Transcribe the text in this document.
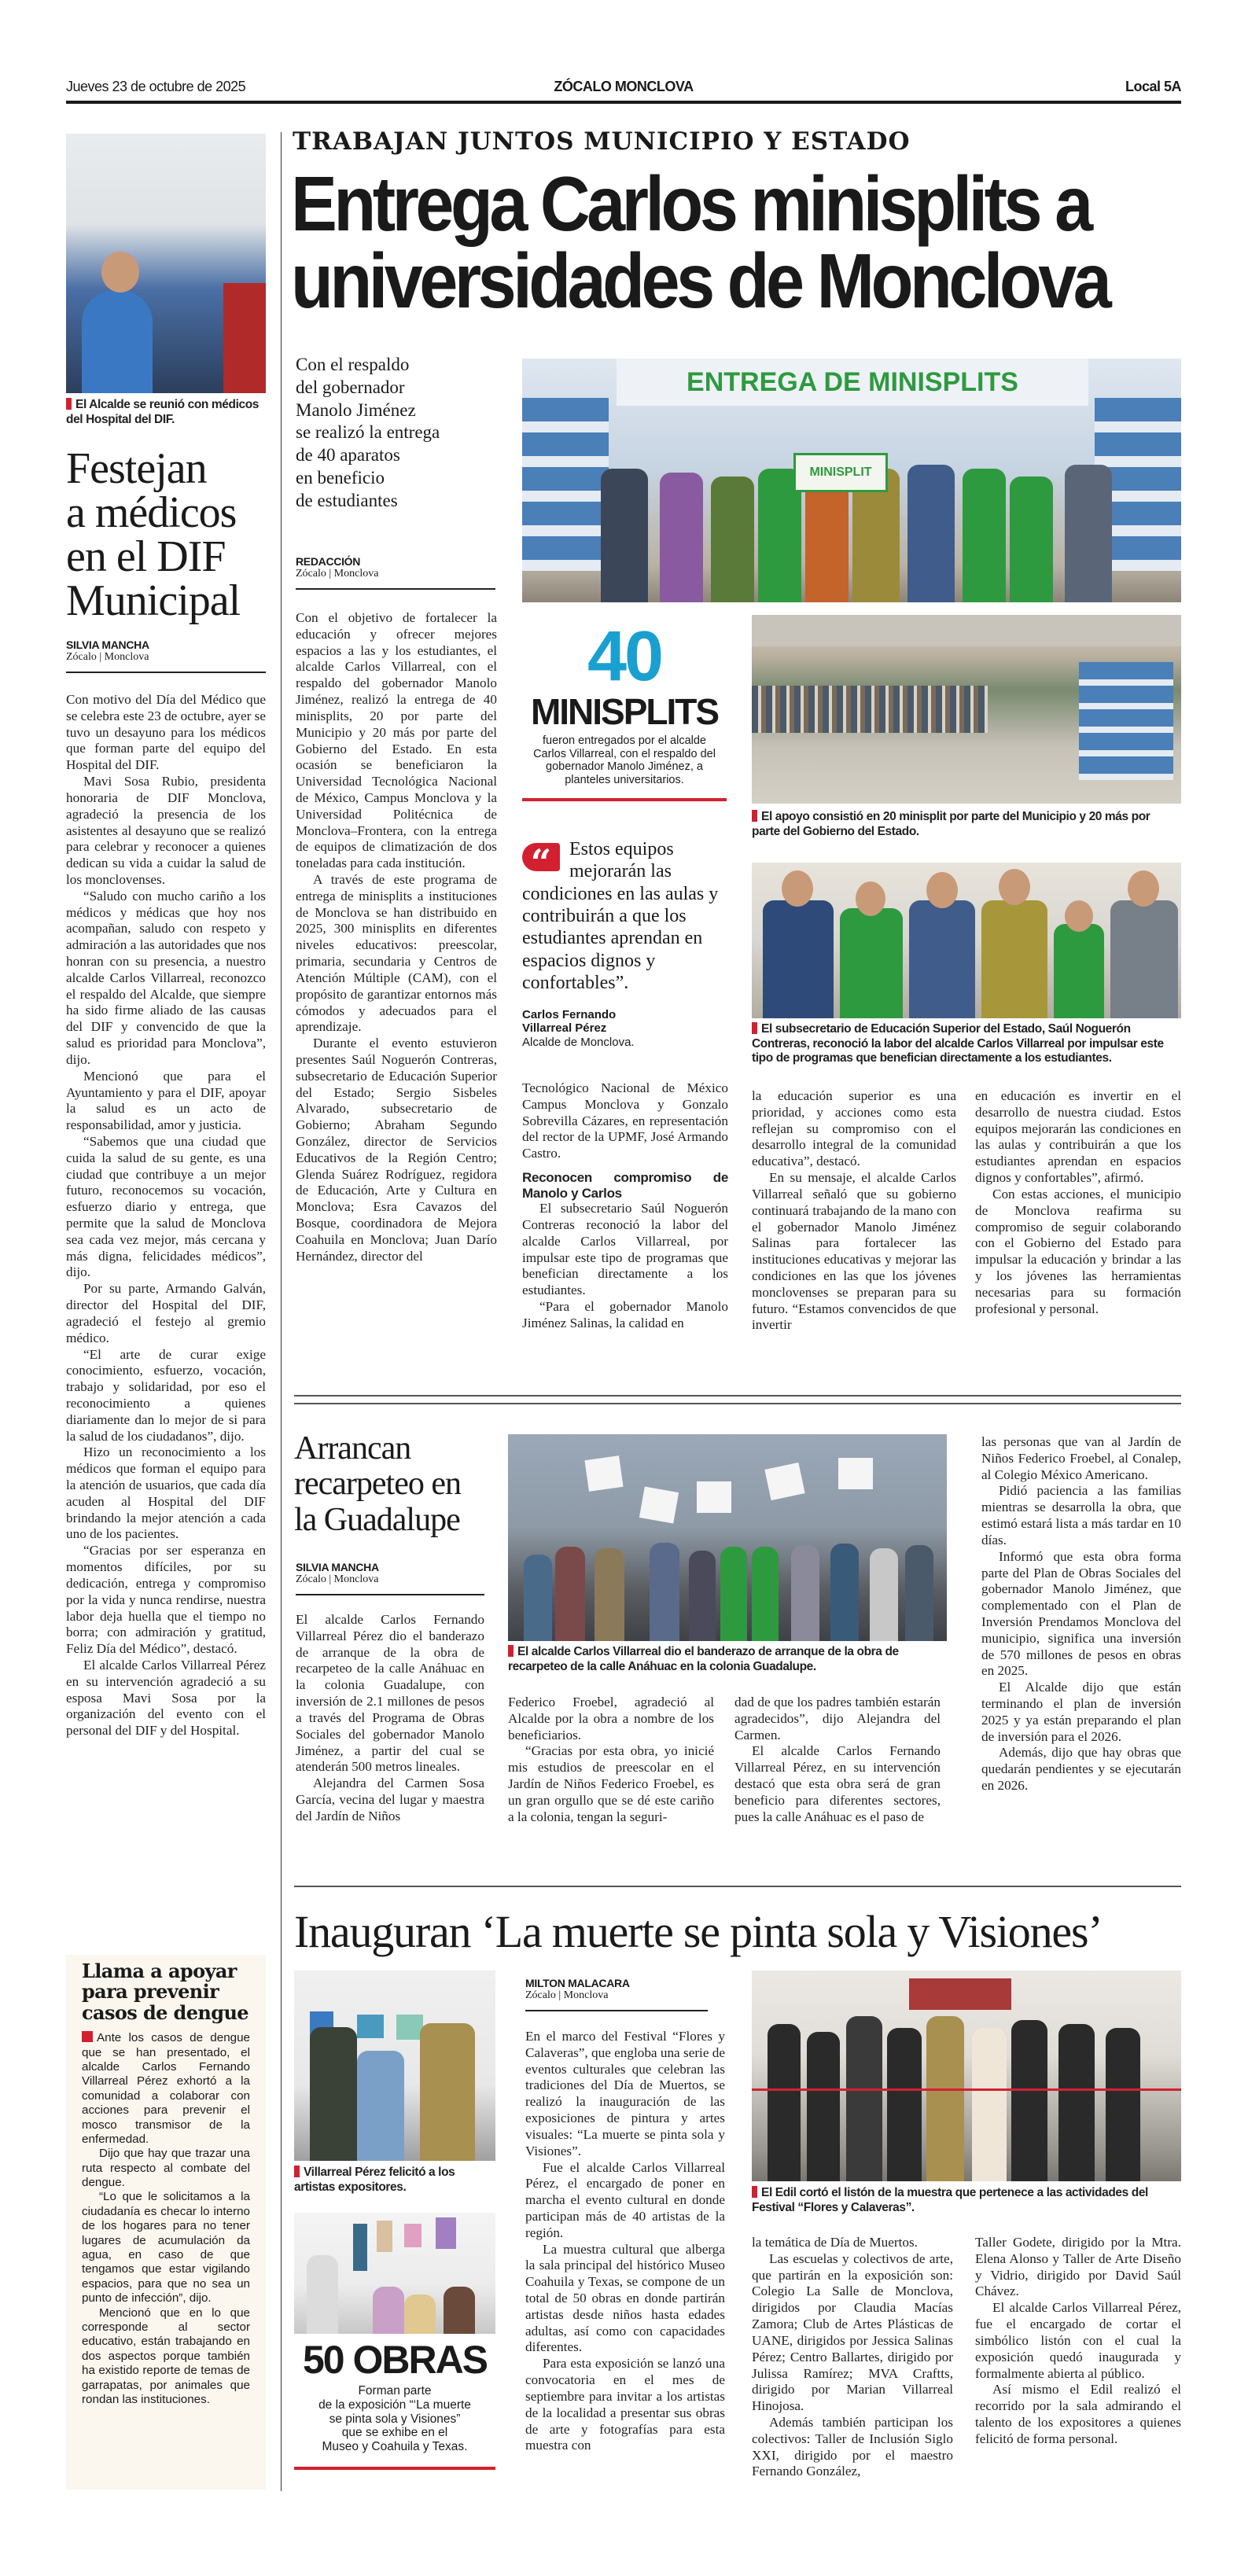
Jueves 23 de octubre de 2025	ZÓCALO MONCLOVA	Local 5A
El Alcalde se reunió con médicos del Hospital del DIF.
Festejan
a médicos
en el DIF
Municipal
SILVIA MANCHA
Zócalo | Monclova

Con motivo del Día del Médico que se celebra este 23 de octubre, ayer se tuvo un desayuno para los médicos que forman parte del equipo del Hospital del DIF.

Mavi Sosa Rubio, presidenta honoraria de DIF Monclova, agradeció la presencia de los asistentes al desayuno que se realizó para celebrar y reconocer a quienes dedican su vida a cuidar la salud de los monclovenses.

“Saludo con mucho cariño a los médicos y médicas que hoy nos acompañan, saludo con respeto y admiración a las autoridades que nos honran con su presencia, a nuestro alcalde Carlos Villarreal, reconozco el respaldo del Alcalde, que siempre ha sido firme aliado de las causas del DIF y convencido de que la salud es prioridad para Monclova”, dijo.

Mencionó que para el Ayuntamiento y para el DIF, apoyar la salud es un acto de responsabilidad, amor y justicia.

“Sabemos que una ciudad que cuida la salud de su gente, es una ciudad que contribuye a un mejor futuro, reconocemos su vocación, esfuerzo diario y entrega, que permite que la salud de Monclova sea cada vez mejor, más cercana y más digna, felicidades médicos”, dijo.

Por su parte, Armando Galván, director del Hospital del DIF, agradeció el festejo al gremio médico.

“El arte de curar exige conocimiento, esfuerzo, vocación, trabajo y solidaridad, por eso el reconocimiento a quienes diariamente dan lo mejor de si para la salud de los ciudadanos”, dijo.

Hizo un reconocimiento a los médicos que forman el equipo para la atención de usuarios, que cada día acuden al Hospital del DIF brindando la mejor atención a cada uno de los pacientes.

“Gracias por ser esperanza en momentos difíciles, por su dedicación, entrega y compromiso por la vida y nunca rendirse, nuestra labor deja huella que el tiempo no borra; con admiración y gratitud, Feliz Día del Médico”, destacó.

El alcalde Carlos Villarreal Pérez en su intervención agradeció a su esposa Mavi Sosa por la organización del evento con el personal del DIF y del Hospital.

Llama a apoyar
para prevenir
casos de dengue

Ante los casos de dengue que se han presentado, el alcalde Carlos Fernando Villarreal Pérez exhortó a la comunidad a colaborar con acciones para prevenir el mosco transmisor de la enfermedad.

Dijo que hay que trazar una ruta respecto al combate del dengue.

“Lo que le solicitamos a la ciudadanía es checar lo interno de los hogares para no tener lugares de acumulación da agua, en caso de que tengamos que estar vigilando espacios, para que no sea un punto de infección”, dijo.

Mencionó que en lo que corresponde al sector educativo, están trabajando en dos aspectos porque también ha existido reporte de temas de garrapatas, por animales que rondan las instituciones.

TRABAJAN JUNTOS MUNICIPIO Y ESTADO
Entrega Carlos minisplits a
universidades de Monclova
Con el respaldo
del gobernador
Manolo Jiménez
se realizó la entrega
de 40 aparatos
en beneficio
de estudiantes
REDACCIÓN
Zócalo | Monclova

Con el objetivo de fortalecer la educación y ofrecer mejores espacios a las y los estudiantes, el alcalde Carlos Villarreal, con el respaldo del gobernador Manolo Jiménez, realizó la entrega de 40 minisplits, 20 por parte del Municipio y 20 más por parte del Gobierno del Estado. En esta ocasión se beneficiaron la Universidad Tecnológica Nacional de México, Campus Monclova y la Universidad Politécnica de Monclova–Frontera, con la entrega de equipos de climatización de dos toneladas para cada institución.

A través de este programa de entrega de minisplits a instituciones de Monclova se han distribuido en 2025, 300 minisplits en diferentes niveles educativos: preescolar, primaria, secundaria y Centros de Atención Múltiple (CAM), con el propósito de garantizar entornos más cómodos y adecuados para el aprendizaje.

Durante el evento estuvieron presentes Saúl Noguerón Contreras, subsecretario de Educación Superior del Estado; Sergio Sisbeles Alvarado, subsecretario de Gobierno; Abraham Segundo González, director de Servicios Educativos de la Región Centro; Glenda Suárez Rodríguez, regidora de Educación, Arte y Cultura en Monclova; Esra Cavazos del Bosque, coordinadora de Mejora Coahuila en Monclova; Juan Darío Hernández, director del

ENTREGA DE MINISPLITS
MINISPLIT
40
MINISPLITS
fueron entregados por el alcalde Carlos Villarreal, con el respaldo del gobernador Manolo Jiménez, a planteles universitarios.
“ Estos equipos mejorarán las condiciones en las aulas y contribuirán a que los estudiantes aprendan en espacios dignos y confortables”.
Carlos Fernando
Villarreal Pérez
Alcalde de Monclova.

Tecnológico Nacional de México Campus Monclova y Gonzalo Sobrevilla Cázares, en representación del rector de la UPMF, José Armando Castro.

Reconocen compromiso de Manolo y Carlos

El subsecretario Saúl Noguerón Contreras reconoció la labor del alcalde Carlos Villarreal, por impulsar este tipo de programas que benefician directamente a los estudiantes.

“Para el gobernador Manolo Jiménez Salinas, la calidad en

El apoyo consistió en 20 minisplit por parte del Municipio y 20 más por parte del Gobierno del Estado.
El subsecretario de Educación Superior del Estado, Saúl Noguerón Contreras, reconoció la labor del alcalde Carlos Villarreal por impulsar este tipo de programas que benefician directamente a los estudiantes.

la educación superior es una prioridad, y acciones como esta reflejan su compromiso con el desarrollo integral de la comunidad educativa”, destacó.

En su mensaje, el alcalde Carlos Villarreal señaló que su gobierno continuará trabajando de la mano con el gobernador Manolo Jiménez Salinas para fortalecer las instituciones educativas y mejorar las condiciones en las que los jóvenes monclovenses se preparan para su futuro. “Estamos convencidos de que invertir

en educación es invertir en el desarrollo de nuestra ciudad. Estos equipos mejorarán las condiciones en las aulas y contribuirán a que los estudiantes aprendan en espacios dignos y confortables”, afirmó.

Con estas acciones, el municipio de Monclova reafirma su compromiso de seguir colaborando con el Gobierno del Estado para impulsar la educación y brindar a las y los jóvenes las herramientas necesarias para su formación profesional y personal.

Arrancan
recarpeteo en
la Guadalupe
SILVIA MANCHA
Zócalo | Monclova

El alcalde Carlos Fernando Villarreal Pérez dio el banderazo de arranque de la obra de recarpeteo de la calle Anáhuac en la colonia Guadalupe, con inversión de 2.1 millones de pesos a través del Programa de Obras Sociales del gobernador Manolo Jiménez, a partir del cual se atenderán 500 metros lineales.

Alejandra del Carmen Sosa García, vecina del lugar y maestra del Jardín de Niños

El alcalde Carlos Villarreal dio el banderazo de arranque de la obra de recarpeteo de la calle Anáhuac en la colonia Guadalupe.

Federico Froebel, agradeció al Alcalde por la obra a nombre de los beneficiarios.

“Gracias por esta obra, yo inicié mis estudios de preescolar en el Jardín de Niños Federico Froebel, es un gran orgullo que se dé este cariño a la colonia, tengan la seguri-

dad de que los padres también estarán agradecidos”, dijo Alejandra del Carmen.

El alcalde Carlos Fernando Villarreal Pérez, en su intervención destacó que esta obra será de gran beneficio para diferentes sectores, pues la calle Anáhuac es el paso de

las personas que van al Jardín de Niños Federico Froebel, al Conalep, al Colegio México Americano.

Pidió paciencia a las familias mientras se desarrolla la obra, que estimó estará lista a más tardar en 10 días.

Informó que esta obra forma parte del Plan de Obras Sociales del gobernador Manolo Jiménez, que complementado con el Plan de Inversión Prendamos Monclova del municipio, significa una inversión de 570 millones de pesos en obras en 2025.

El Alcalde dijo que están terminando el plan de inversión 2025 y ya están preparando el plan de inversión para el 2026.

Además, dijo que hay obras que quedarán pendientes y se ejecutarán en 2026.

Inauguran ‘La muerte se pinta sola y Visiones’
Villarreal Pérez felicitó a los artistas expositores.
50 OBRAS
Forman parte
de la exposición “‘La muerte
se pinta sola y Visiones”
que se exhibe en el
Museo y Coahuila y Texas.
MILTON MALACARA
Zócalo | Monclova

En el marco del Festival “Flores y Calaveras”, que engloba una serie de eventos culturales que celebran las tradiciones del Día de Muertos, se realizó la inauguración de las exposiciones de pintura y artes visuales: “La muerte se pinta sola y Visiones”.

Fue el alcalde Carlos Villarreal Pérez, el encargado de poner en marcha el evento cultural en donde participan más de 40 artistas de la región.

La muestra cultural que alberga la sala principal del histórico Museo Coahuila y Texas, se compone de un total de 50 obras en donde partirán artistas desde niños hasta edades adultas, así como con capacidades diferentes.

Para esta exposición se lanzó una convocatoria en el mes de septiembre para invitar a los artistas de la localidad a presentar sus obras de arte y fotografías para esta muestra con

El Edil cortó el listón de la muestra que pertenece a las actividades del Festival “Flores y Calaveras”.

la temática de Día de Muertos.

Las escuelas y colectivos de arte, que partirán en la exposición son: Colegio La Salle de Monclova, dirigidos por Claudia Macías Zamora; Club de Artes Plásticas de UANE, dirigidos por Jessica Salinas Pérez; Centro Ballartes, dirigido por Julissa Ramírez; MVA Craftts, dirigido por Marian Villarreal Hinojosa.

Además también participan los colectivos: Taller de Inclusión Siglo XXI, dirigido por el maestro Fernando González,

Taller Godete, dirigido por la Mtra. Elena Alonso y Taller de Arte Diseño y Vidrio, dirigido por David Saúl Chávez.

El alcalde Carlos Villarreal Pérez, fue el encargado de cortar el simbólico listón con el cual la exposición quedó inaugurada y formalmente abierta al público.

Así mismo el Edil realizó el recorrido por la sala admirando el talento de los expositores a quienes felicitó de forma personal.
